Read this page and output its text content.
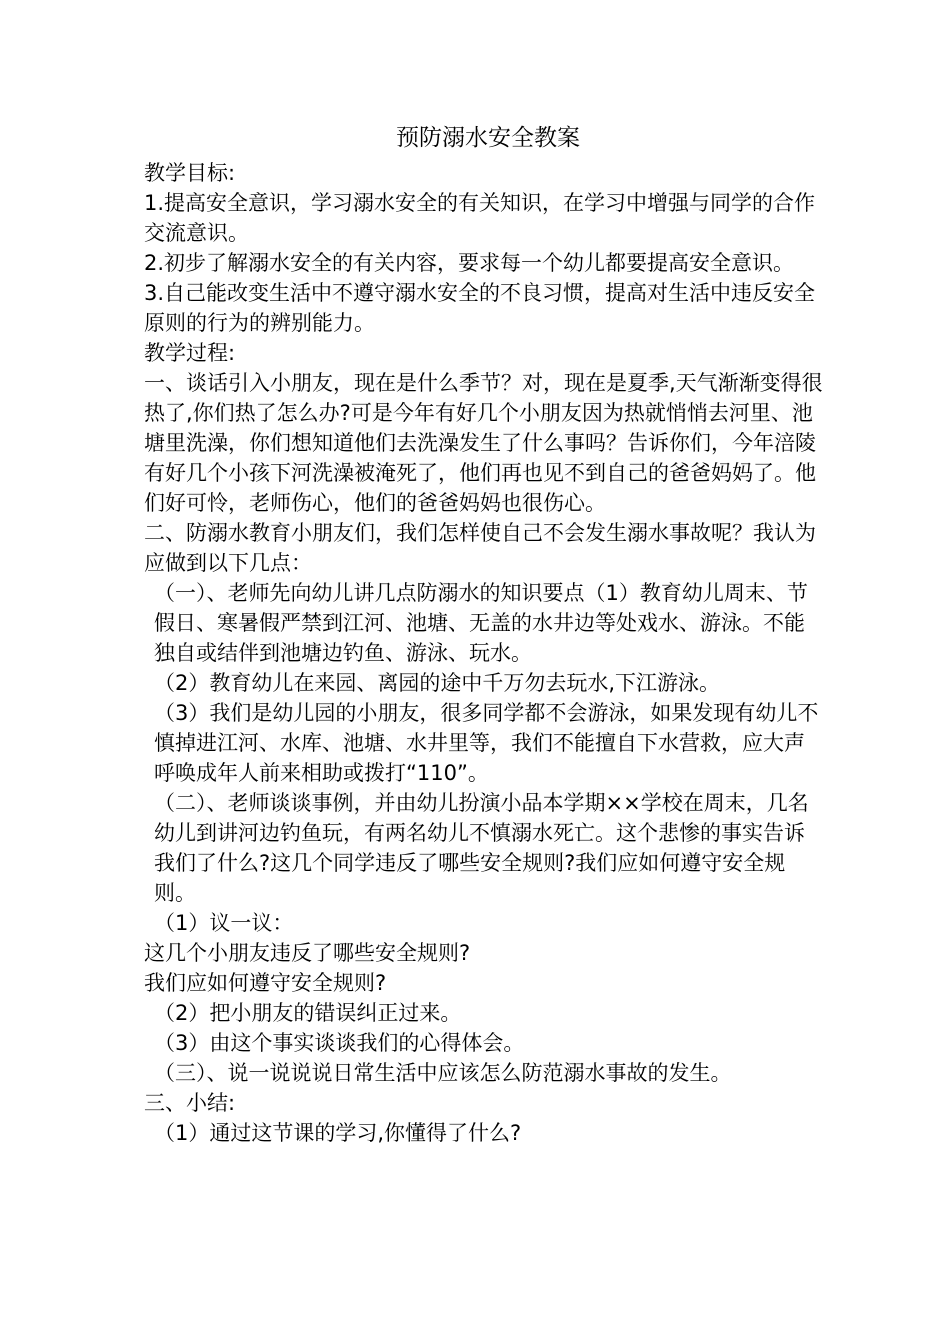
预防溺水安全教案

教学目标:

1.提高安全意识，学习溺水安全的有关知识，在学习中增强与同学的合作交流意识。

2.初步了解溺水安全的有关内容，要求每一个幼儿都要提高安全意识。

3.自己能改变生活中不遵守溺水安全的不良习惯，提高对生活中违反安全原则的行为的辨别能力。

教学过程:

一、谈话引入小朋友，现在是什么季节？对，现在是夏季,天气渐渐变得很热了,你们热了怎么办?可是今年有好几个小朋友因为热就悄悄去河里、池塘里洗澡，你们想知道他们去洗澡发生了什么事吗？告诉你们，今年涪陵有好几个小孩下河洗澡被淹死了，他们再也见不到自己的爸爸妈妈了。他们好可怜，老师伤心，他们的爸爸妈妈也很伤心。

二、防溺水教育小朋友们，我们怎样使自己不会发生溺水事故呢？我认为应做到以下几点：

（一）、老师先向幼儿讲几点防溺水的知识要点（1）教育幼儿周末、节假日、寒暑假严禁到江河、池塘、无盖的水井边等处戏水、游泳。不能独自或结伴到池塘边钓鱼、游泳、玩水。

（2）教育幼儿在来园、离园的途中千万勿去玩水,下江游泳。

（3）我们是幼儿园的小朋友，很多同学都不会游泳，如果发现有幼儿不慎掉进江河、水库、池塘、水井里等，我们不能擅自下水营救，应大声呼唤成年人前来相助或拨打“110”。

（二）、老师谈谈事例，并由幼儿扮演小品本学期××学校在周末，几名幼儿到讲河边钓鱼玩，有两名幼儿不慎溺水死亡。这个悲惨的事实告诉我们了什么?这几个同学违反了哪些安全规则?我们应如何遵守安全规则。

（1）议一议：

这几个小朋友违反了哪些安全规则?

我们应如何遵守安全规则?

（2）把小朋友的错误纠正过来。

（3）由这个事实谈谈我们的心得体会。

（三）、说一说说说日常生活中应该怎么防范溺水事故的发生。

三、小结:

（1）通过这节课的学习,你懂得了什么?
